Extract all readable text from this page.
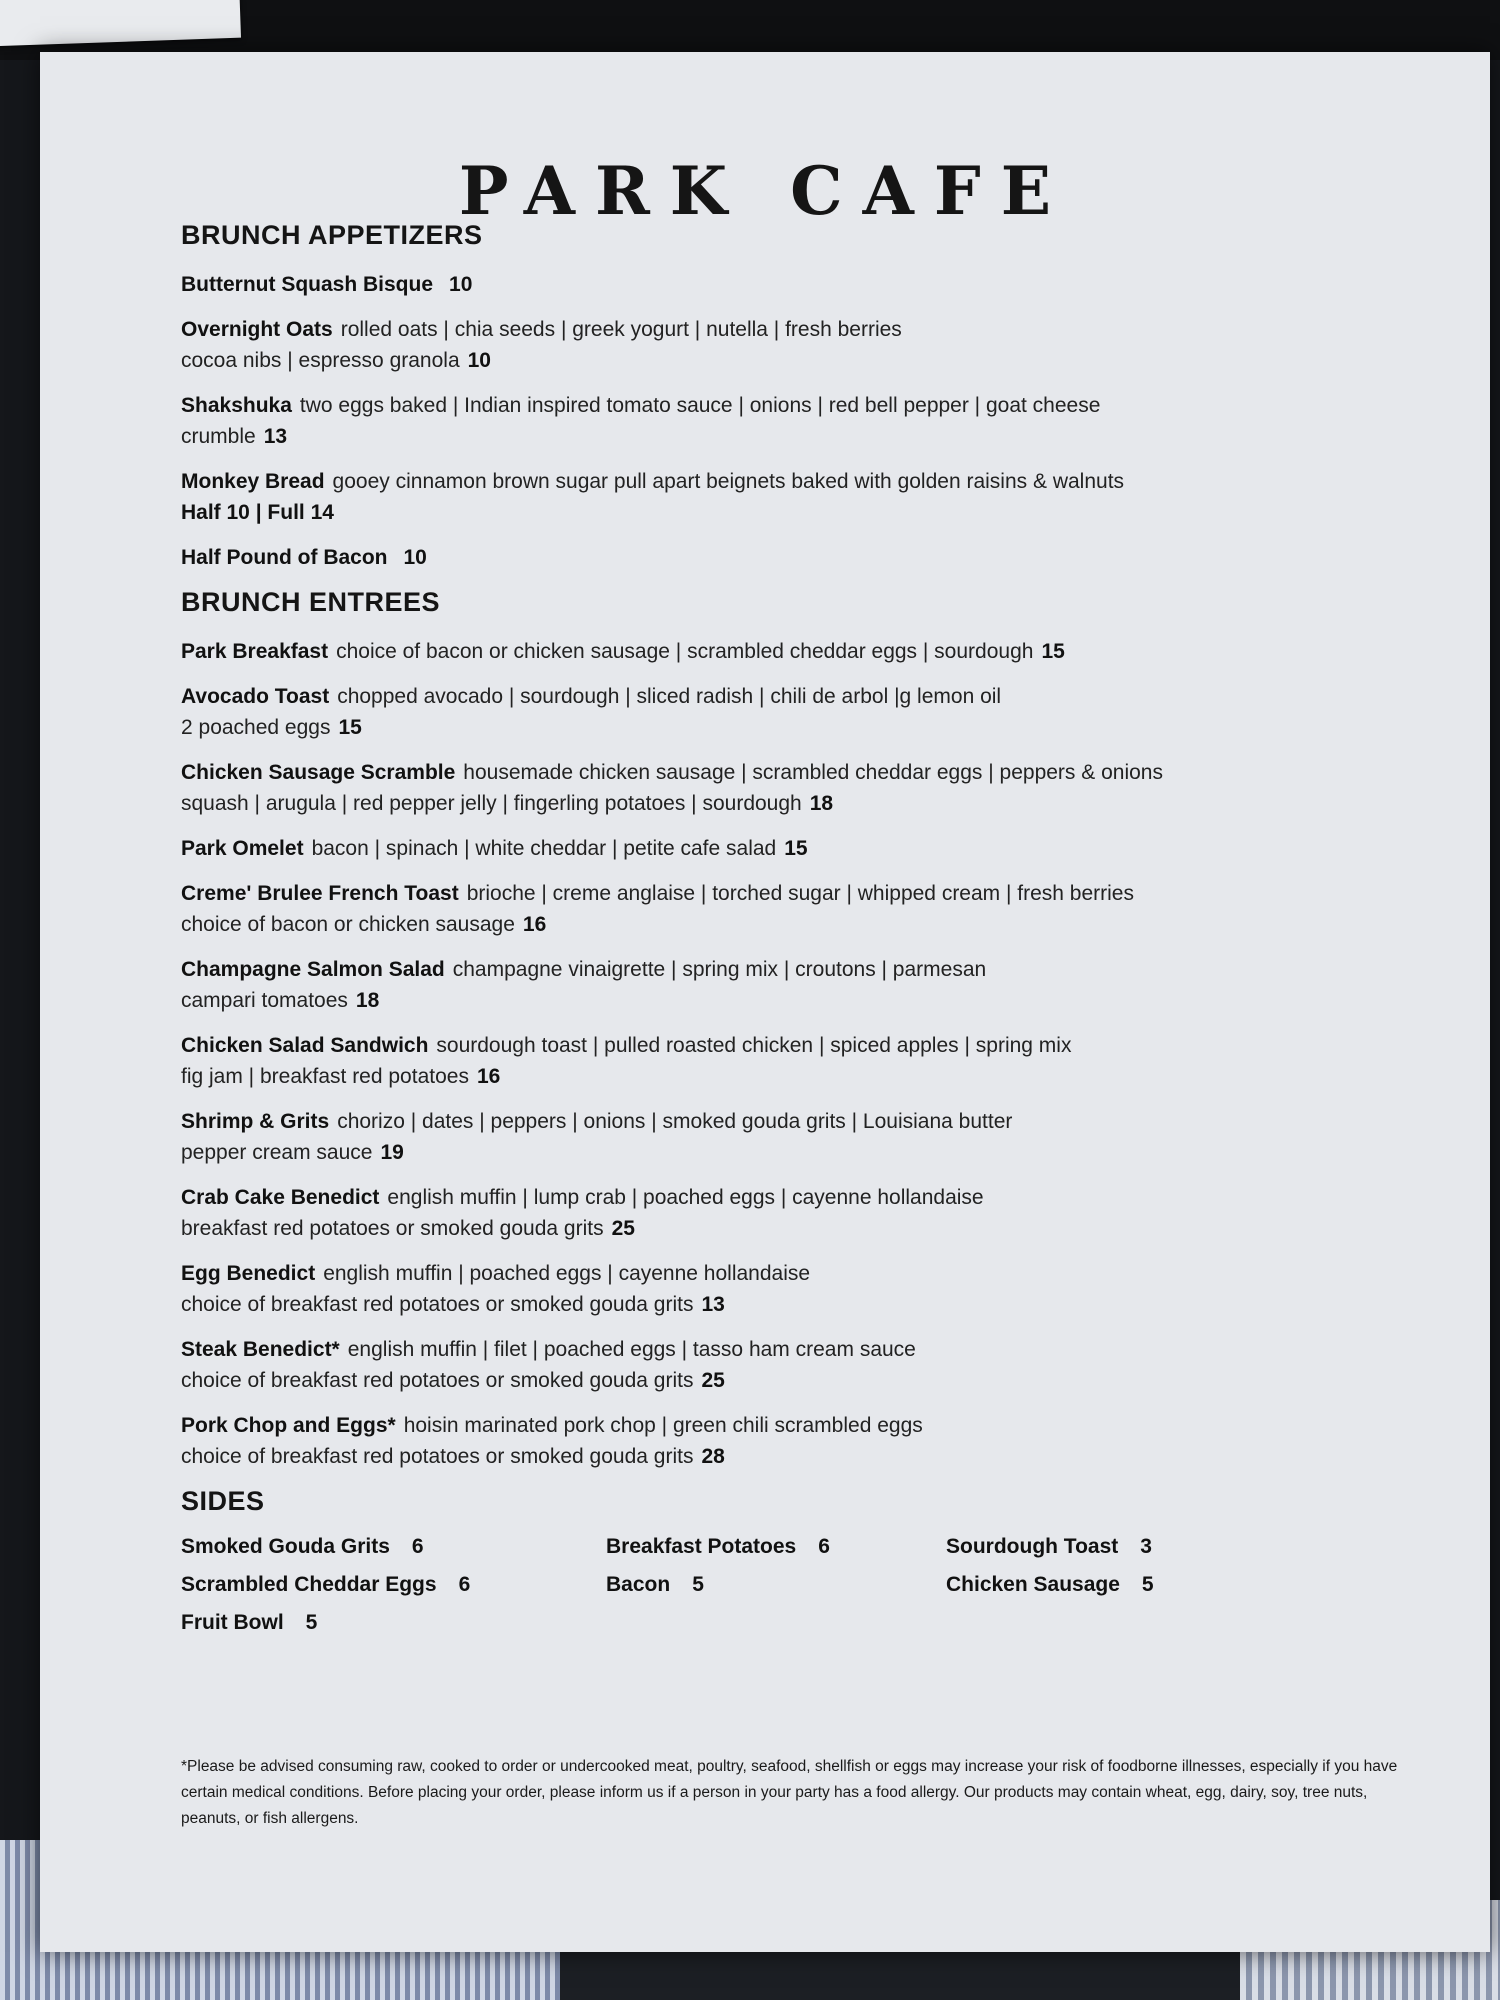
PARK CAFE
BRUNCH APPETIZERS
Butternut Squash Bisque 10
Overnight Oats rolled oats | chia seeds | greek yogurt | nutella | fresh berries
cocoa nibs | espresso granola 10
Shakshuka two eggs baked | Indian inspired tomato sauce | onions | red bell pepper | goat cheese
crumble 13
Monkey Bread gooey cinnamon brown sugar pull apart beignets baked with golden raisins & walnuts
Half 10 | Full 14
Half Pound of Bacon 10
BRUNCH ENTREES
Park Breakfast choice of bacon or chicken sausage | scrambled cheddar eggs | sourdough 15
Avocado Toast chopped avocado | sourdough | sliced radish | chili de arbol |g lemon oil
2 poached eggs 15
Chicken Sausage Scramble housemade chicken sausage | scrambled cheddar eggs | peppers & onions
squash | arugula | red pepper jelly | fingerling potatoes | sourdough 18
Park Omelet bacon | spinach | white cheddar | petite cafe salad 15
Creme' Brulee French Toast brioche | creme anglaise | torched sugar | whipped cream | fresh berries
choice of bacon or chicken sausage 16
Champagne Salmon Salad champagne vinaigrette | spring mix | croutons | parmesan
campari tomatoes 18
Chicken Salad Sandwich sourdough toast | pulled roasted chicken | spiced apples | spring mix
fig jam | breakfast red potatoes 16
Shrimp & Grits chorizo | dates | peppers | onions | smoked gouda grits | Louisiana butter
pepper cream sauce 19
Crab Cake Benedict english muffin | lump crab | poached eggs | cayenne hollandaise
breakfast red potatoes or smoked gouda grits 25
Egg Benedict english muffin | poached eggs | cayenne hollandaise
choice of breakfast red potatoes or smoked gouda grits 13
Steak Benedict* english muffin | filet | poached eggs | tasso ham cream sauce
choice of breakfast red potatoes or smoked gouda grits 25
Pork Chop and Eggs* hoisin marinated pork chop | green chili scrambled eggs
choice of breakfast red potatoes or smoked gouda grits 28
SIDES
Smoked Gouda Grits 6	Breakfast Potatoes 6	Sourdough Toast 3
Scrambled Cheddar Eggs 6	Bacon 5	Chicken Sausage 5
Fruit Bowl 5
*Please be advised consuming raw, cooked to order or undercooked meat, poultry, seafood, shellfish or eggs may increase your risk of foodborne illnesses, especially if you have certain medical conditions. Before placing your order, please inform us if a person in your party has a food allergy. Our products may contain wheat, egg, dairy, soy, tree nuts, peanuts, or fish allergens.
